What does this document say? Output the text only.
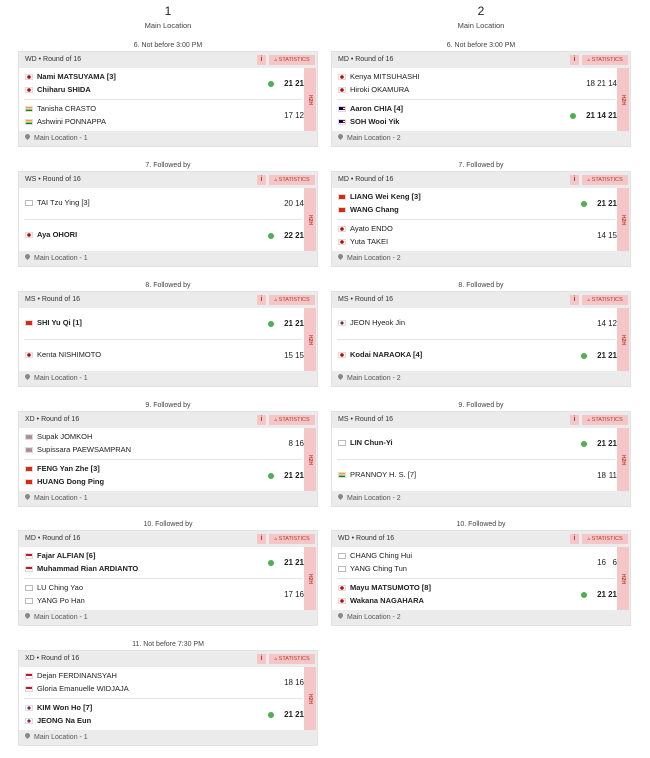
1
Main Location
2
Main Location
6. Not before 3:00 PM
WD • Round of 16	i	▵ STATISTICS
Nami MATSUYAMA [3]
Chiharu SHIDA
21 21
Tanisha CRASTO
Ashwini PONNAPPA
17 12
H2H
Main Location - 1
6. Not before 3:00 PM
MD • Round of 16	i	▵ STATISTICS
Kenya MITSUHASHI
Hiroki OKAMURA
18 21 14
Aaron CHIA [4]
SOH Wooi Yik
21 14 21
H2H
Main Location - 2
7. Followed by
WS • Round of 16	i	▵ STATISTICS
TAI Tzu Ying [3]	20 14
Aya OHORI	22 21
H2H
Main Location - 1
7. Followed by
MD • Round of 16	i	▵ STATISTICS
LIANG Wei Keng [3]
WANG Chang
21 21
Ayato ENDO
Yuta TAKEI
14 15
H2H
Main Location - 2
8. Followed by
MS • Round of 16	i	▵ STATISTICS
SHI Yu Qi [1]	21 21
Kenta NISHIMOTO	15 15
H2H
Main Location - 1
8. Followed by
MS • Round of 16	i	▵ STATISTICS
JEON Hyeok Jin	14 12
Kodai NARAOKA [4]	21 21
H2H
Main Location - 2
9. Followed by
XD • Round of 16	i	▵ STATISTICS
Supak JOMKOH
Supissara PAEWSAMPRAN
8 16
FENG Yan Zhe [3]
HUANG Dong Ping
21 21
H2H
Main Location - 1
9. Followed by
MS • Round of 16	i	▵ STATISTICS
LIN Chun-Yi	21 21
PRANNOY H. S. [7]	18 11
H2H
Main Location - 2
10. Followed by
MD • Round of 16	i	▵ STATISTICS
Fajar ALFIAN [6]
Muhammad Rian ARDIANTO
21 21
LU Ching Yao
YANG Po Han
17 16
H2H
Main Location - 1
10. Followed by
WD • Round of 16	i	▵ STATISTICS
CHANG Ching Hui
YANG Ching Tun
16 6
Mayu MATSUMOTO [8]
Wakana NAGAHARA
21 21
H2H
Main Location - 2
11. Not before 7:30 PM
XD • Round of 16	i	▵ STATISTICS
Dejan FERDINANSYAH
Gloria Emanuelle WIDJAJA
18 16
KIM Won Ho [7]
JEONG Na Eun
21 21
H2H
Main Location - 1
